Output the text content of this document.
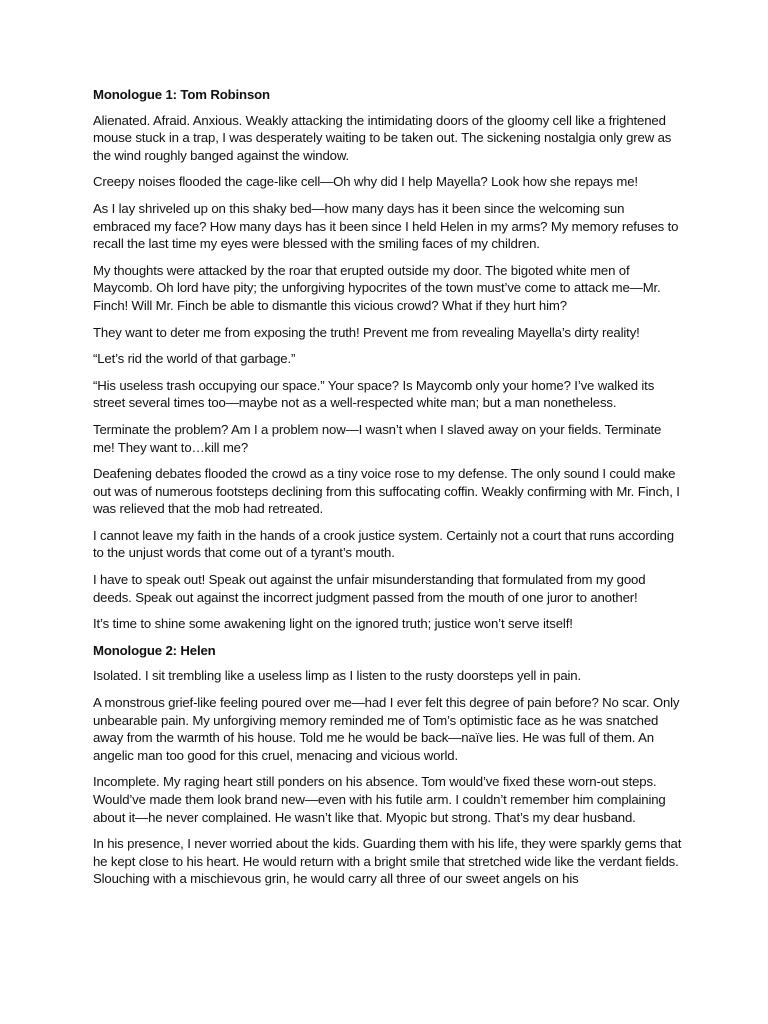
Monologue 1: Tom Robinson

Alienated. Afraid. Anxious. Weakly attacking the intimidating doors of the gloomy cell like a frightened mouse stuck in a trap, I was desperately waiting to be taken out. The sickening nostalgia only grew as the wind roughly banged against the window.

Creepy noises flooded the cage-like cell—Oh why did I help Mayella? Look how she repays me!

As I lay shriveled up on this shaky bed—how many days has it been since the welcoming sun embraced my face? How many days has it been since I held Helen in my arms? My memory refuses to recall the last time my eyes were blessed with the smiling faces of my children.

My thoughts were attacked by the roar that erupted outside my door. The bigoted white men of Maycomb. Oh lord have pity; the unforgiving hypocrites of the town must’ve come to attack me—Mr. Finch! Will Mr. Finch be able to dismantle this vicious crowd? What if they hurt him?

They want to deter me from exposing the truth! Prevent me from revealing Mayella’s dirty reality!

“Let’s rid the world of that garbage.”

“His useless trash occupying our space.” Your space? Is Maycomb only your home? I’ve walked its street several times too—maybe not as a well-respected white man; but a man nonetheless.

Terminate the problem? Am I a problem now—I wasn’t when I slaved away on your fields. Terminate me! They want to…kill me?

Deafening debates flooded the crowd as a tiny voice rose to my defense. The only sound I could make out was of numerous footsteps declining from this suffocating coffin. Weakly confirming with Mr. Finch, I was relieved that the mob had retreated.

I cannot leave my faith in the hands of a crook justice system. Certainly not a court that runs according to the unjust words that come out of a tyrant’s mouth.

I have to speak out! Speak out against the unfair misunderstanding that formulated from my good deeds. Speak out against the incorrect judgment passed from the mouth of one juror to another!

It’s time to shine some awakening light on the ignored truth; justice won’t serve itself!

Monologue 2: Helen

Isolated. I sit trembling like a useless limp as I listen to the rusty doorsteps yell in pain.

A monstrous grief-like feeling poured over me—had I ever felt this degree of pain before? No scar. Only unbearable pain. My unforgiving memory reminded me of Tom’s optimistic face as he was snatched away from the warmth of his house. Told me he would be back—naïve lies. He was full of them. An angelic man too good for this cruel, menacing and vicious world.

Incomplete. My raging heart still ponders on his absence. Tom would’ve fixed these worn-out steps. Would’ve made them look brand new—even with his futile arm. I couldn’t remember him complaining about it—he never complained. He wasn’t like that. Myopic but strong. That’s my dear husband.

In his presence, I never worried about the kids. Guarding them with his life, they were sparkly gems that he kept close to his heart. He would return with a bright smile that stretched wide like the verdant fields. Slouching with a mischievous grin, he would carry all three of our sweet angels on his
